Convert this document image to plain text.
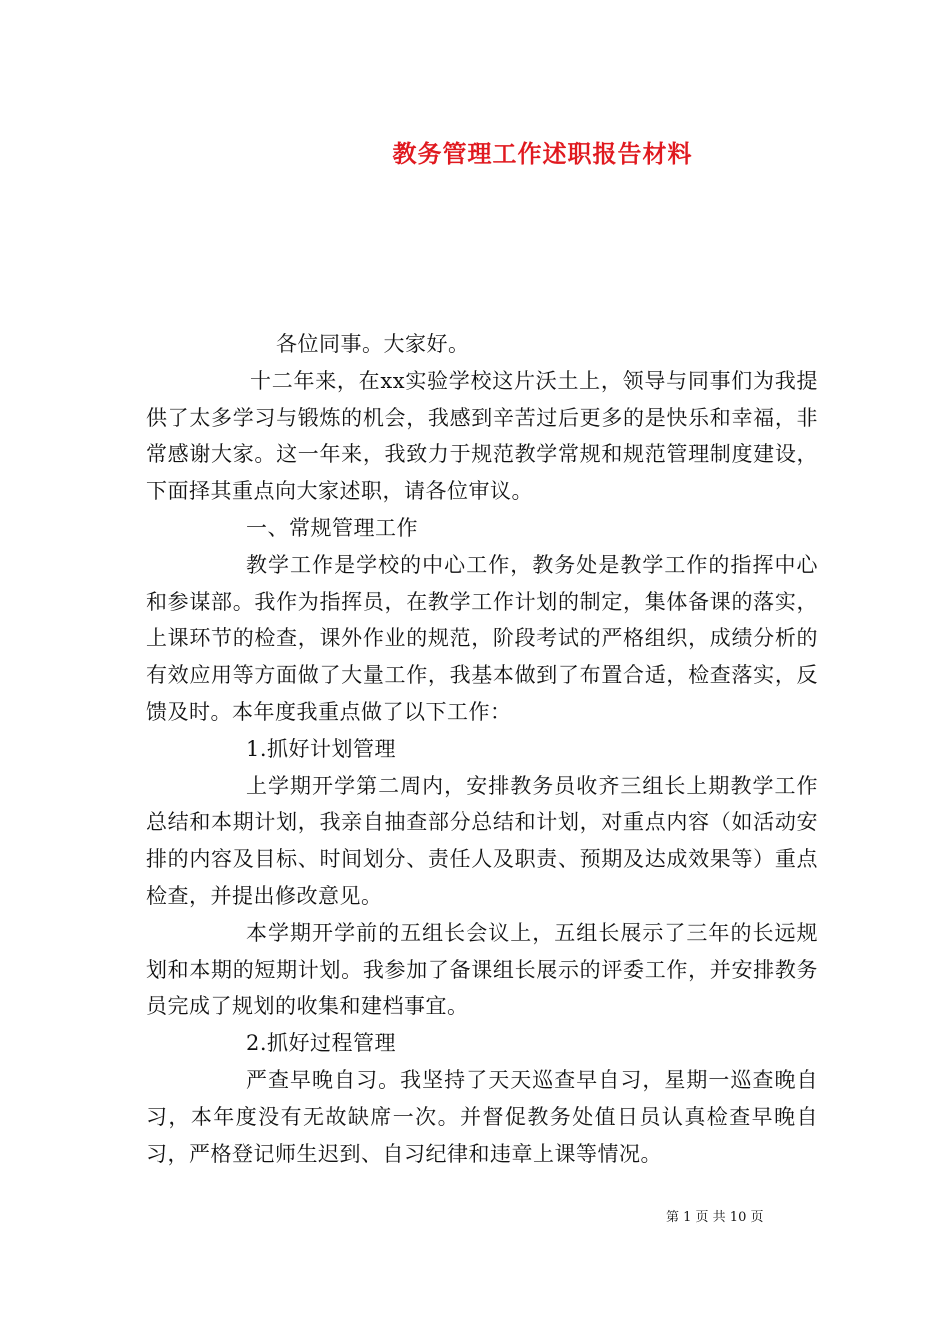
教务管理工作述职报告材料

各位同事。大家好。

十二年来，在xx实验学校这片沃土上，领导与同事们为我提供了太多学习与锻炼的机会，我感到辛苦过后更多的是快乐和幸福，非常感谢大家。这一年来，我致力于规范教学常规和规范管理制度建设，下面择其重点向大家述职，请各位审议。

一、常规管理工作

教学工作是学校的中心工作，教务处是教学工作的指挥中心和参谋部。我作为指挥员，在教学工作计划的制定，集体备课的落实，上课环节的检查，课外作业的规范，阶段考试的严格组织，成绩分析的有效应用等方面做了大量工作，我基本做到了布置合适，检查落实，反馈及时。本年度我重点做了以下工作：

1.抓好计划管理

上学期开学第二周内，安排教务员收齐三组长上期教学工作总结和本期计划，我亲自抽查部分总结和计划，对重点内容（如活动安排的内容及目标、时间划分、责任人及职责、预期及达成效果等）重点检查，并提出修改意见。

本学期开学前的五组长会议上，五组长展示了三年的长远规划和本期的短期计划。我参加了备课组长展示的评委工作，并安排教务员完成了规划的收集和建档事宜。

2.抓好过程管理

严查早晚自习。我坚持了天天巡查早自习，星期一巡查晚自习，本年度没有无故缺席一次。并督促教务处值日员认真检查早晚自习，严格登记师生迟到、自习纪律和违章上课等情况。

第 1 页 共 10 页
